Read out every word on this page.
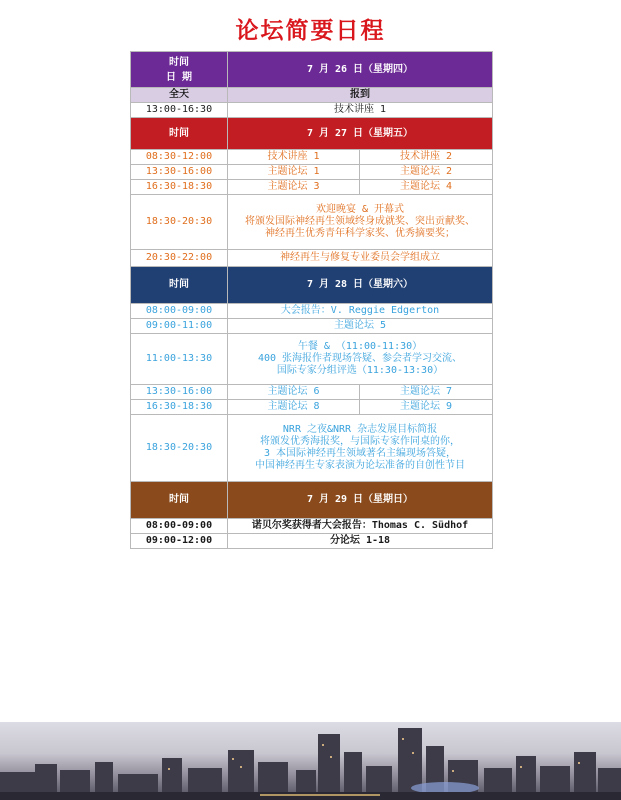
论坛简要日程
时间
日 期	7 月 26 日（星期四）	
全天	报到	
13:00-16:30	技术讲座 1	
时间	7 月 27 日（星期五）	
08:30-12:00	技术讲座 1	技术讲座 2
13:30-16:00	主题论坛 1	主题论坛 2
16:30-18:30	主题论坛 3	主题论坛 4
18:30-20:30	欢迎晚宴 & 开幕式
将颁发国际神经再生领域终身成就奖、突出贡献奖、
神经再生优秀青年科学家奖、优秀摘要奖；	

20:30-22:00	神经再生与修复专业委员会学组成立	
时间	7 月 28 日（星期六）	
08:00-09:00	大会报告：V. Reggie Edgerton	
09:00-11:00	主题论坛 5	
11:00-13:30	午餐 & （11:00-11:30）
400 张海报作者现场答疑、参会者学习交流、
国际专家分组评选（11:30-13:30）	

13:30-16:00	主题论坛 6	主题论坛 7
16:30-18:30	主题论坛 8	主题论坛 9
18:30-20:30	NRR 之夜&NRR 杂志发展目标简报
将颁发优秀海报奖，与国际专家作同桌的你，
3 本国际神经再生领域著名主编现场答疑，
中国神经再生专家表演为论坛准备的自创性节目	

时间	7 月 29 日（星期日）	
08:00-09:00	诺贝尔奖获得者大会报告：Thomas C. Südhof	
09:00-12:00	分论坛 1-18	
